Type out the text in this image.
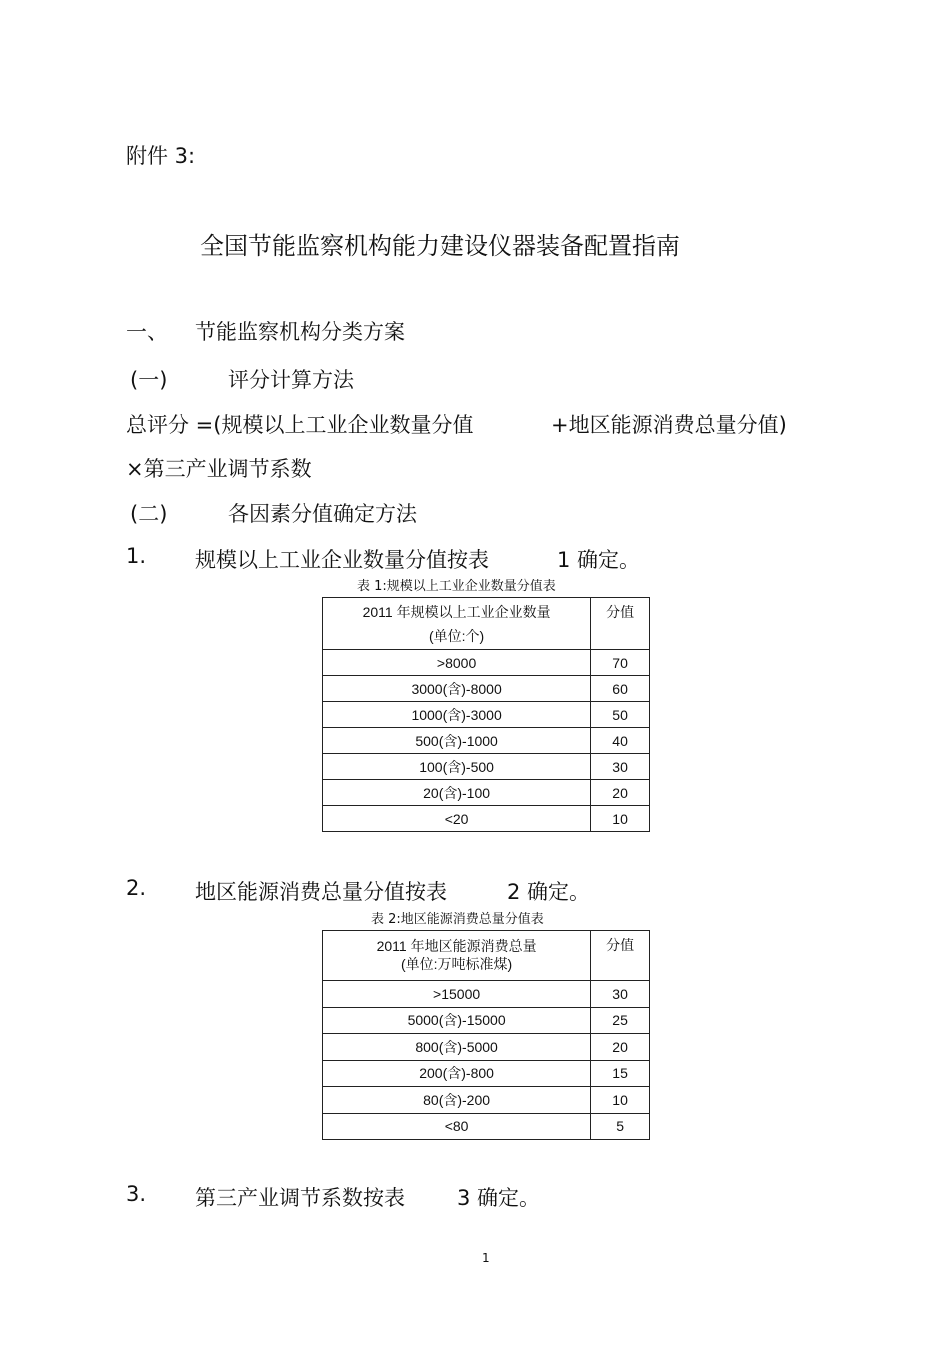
附件 3:
全国节能监察机构能力建设仪器装备配置指南
一、 节能监察机构分类方案
(一)	评分计算方法
总评分 =(规模以上工业企业数量分值	+地区能源消费总量分值)
×第三产业调节系数
(二)	各因素分值确定方法
1. 规模以上工业企业数量分值按表	1 确定。
表 1:规模以上工业企业数量分值表
2011 年规模以上工业企业数量
(单位:个)	分值
>8000	70
3000(含)-8000	60
1000(含)-3000	50
500(含)-1000	40
100(含)-500	30
20(含)-100	20
<20	10
2. 地区能源消费总量分值按表	2 确定。
表 2:地区能源消费总量分值表
2011 年地区能源消费总量
(单位:万吨标准煤)	分值
>15000	30
5000(含)-15000	25
800(含)-5000	20
200(含)-800	15
80(含)-200	10
<80	5
3. 第三产业调节系数按表 3 确定。
1
